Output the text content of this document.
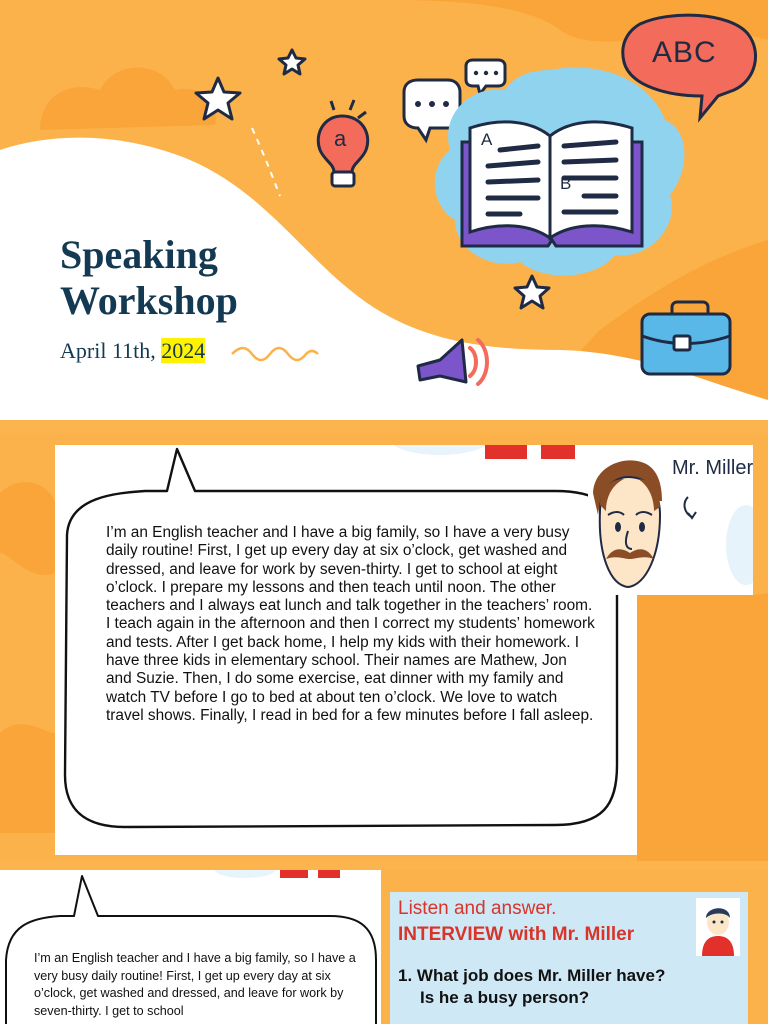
ABC
A
B
a
Speaking
Workshop
April 11th, 2024

I’m an English teacher and I have a big family, so I have a very busy daily routine! First, I get up every day at six o’clock, get washed and dressed, and leave for work by seven-thirty. I get to school at eight o’clock. I prepare my lessons and then teach until noon. The other teachers and I always eat lunch and talk together in the teachers’ room. I teach again in the afternoon and then I correct my students’ homework and tests. After I get back home, I help my kids with their homework. I have three kids in elementary school. Their names are Mathew, Jon and Suzie. Then, I do some exercise, eat dinner with my family and watch TV before I go to bed at about ten o’clock. We love to watch travel shows. Finally, I read in bed for a few minutes before I fall asleep.

Mr. Miller

I’m an English teacher and I have a big family, so I have a very busy daily routine! First, I get up every day at six o’clock, get washed and dressed, and leave for work by seven-thirty. I get to school

Listen and answer.
INTERVIEW with Mr. Miller
1. What job does Mr. Miller have?
Is he a busy person?
